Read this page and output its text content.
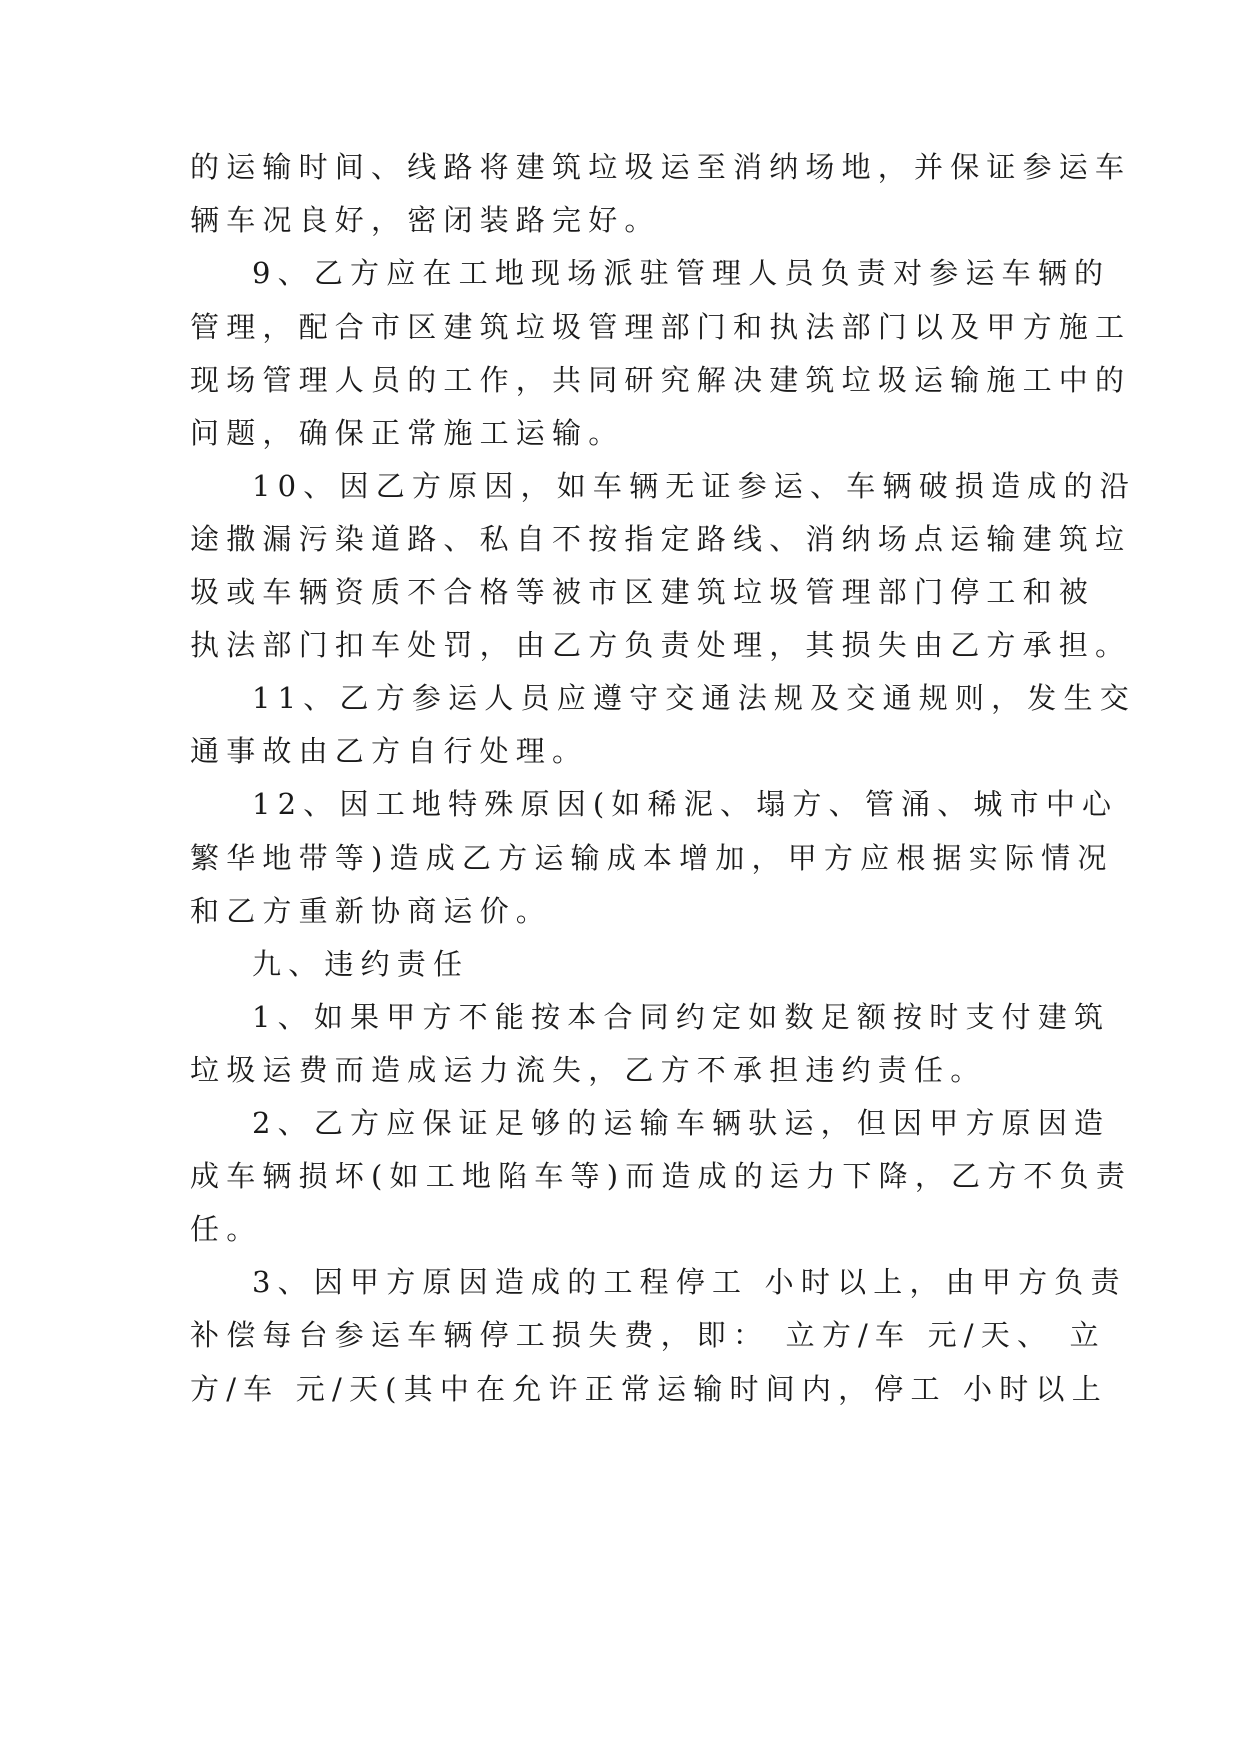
的运输时间、线路将建筑垃圾运至消纳场地，并保证参运车
辆车况良好，密闭装路完好。
9、乙方应在工地现场派驻管理人员负责对参运车辆的
管理，配合市区建筑垃圾管理部门和执法部门以及甲方施工
现场管理人员的工作，共同研究解决建筑垃圾运输施工中的
问题，确保正常施工运输。
10、因乙方原因，如车辆无证参运、车辆破损造成的沿
途撒漏污染道路、私自不按指定路线、消纳场点运输建筑垃
圾或车辆资质不合格等被市区建筑垃圾管理部门停工和被
执法部门扣车处罚，由乙方负责处理，其损失由乙方承担。
11、乙方参运人员应遵守交通法规及交通规则，发生交
通事故由乙方自行处理。
12、因工地特殊原因(如稀泥、塌方、管涌、城市中心
繁华地带等)造成乙方运输成本增加，甲方应根据实际情况
和乙方重新协商运价。
九、违约责任
1、如果甲方不能按本合同约定如数足额按时支付建筑
垃圾运费而造成运力流失，乙方不承担违约责任。
2、乙方应保证足够的运输车辆驮运，但因甲方原因造
成车辆损坏(如工地陷车等)而造成的运力下降，乙方不负责
任。
3、因甲方原因造成的工程停工 小时以上，由甲方负责
补偿每台参运车辆停工损失费，即： 立方/车 元/天、 立
方/车 元/天(其中在允许正常运输时间内，停工 小时以上
